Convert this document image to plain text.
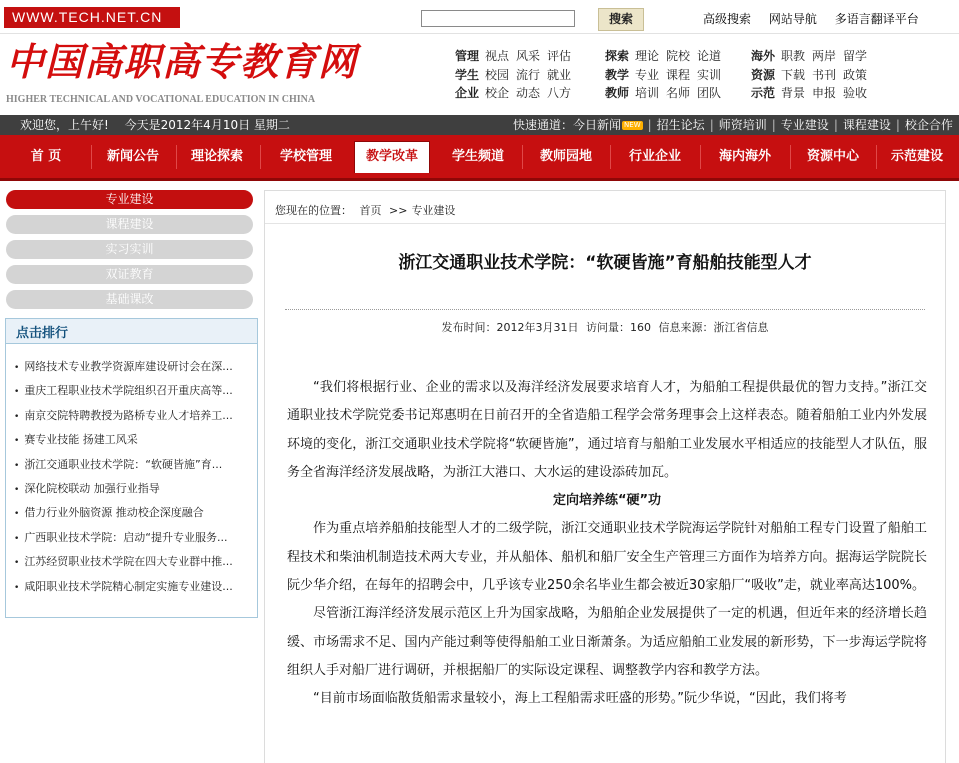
WWW.TECH.NET.CN	搜索	高级搜索 网站导航 多语言翻译平台
中国高职高专教育网
HIGHER TECHNICAL AND VOCATIONAL EDUCATION IN CHINA
管理 视点 风采 评估
学生 校园 流行 就业
企业 校企 动态 八方
探索 理论 院校 论道
教学 专业 课程 实训
教师 培训 名师 团队
海外 职教 两岸 留学
资源 下载 书刊 政策
示范 背景 申报 验收
欢迎您，上午好! 今天是2012年4月10日 星期二	快速通道：今日新闻 NEW | 招生论坛 | 师资培训 | 专业建设 | 课程建设 | 校企合作
首 页	新闻公告	理论探索	学校管理	教学改革	学生频道	教师园地	行业企业	海内海外	资源中心	示范建设
专业建设
课程建设
实习实训
双证教育
基础课改
点击排行
• 网络技术专业教学资源库建设研讨会在深...
• 重庆工程职业技术学院组织召开重庆高等...
• 南京交院特聘教授为路桥专业人才培养工...
• 赛专业技能 扬建工风采
• 浙江交通职业技术学院：“软硬皆施”育...
• 深化院校联动 加强行业指导
• 借力行业外脑资源 推动校企深度融合
• 广西职业技术学院：启动“提升专业服务...
• 江苏经贸职业技术学院在四大专业群中推...
• 咸阳职业技术学院精心制定实施专业建设...
您现在的位置： 首页 >> 专业建设
浙江交通职业技术学院：“软硬皆施”育船舶技能型人才
发布时间：2012年3月31日 访问量：160 信息来源：浙江省信息

“我们将根据行业、企业的需求以及海洋经济发展要求培育人才，为船舶工程提供最优的智力支持。”浙江交通职业技术学院党委书记郑惠明在日前召开的全省造船工程学会常务理事会上这样表态。随着船舶工业内外发展环境的变化，浙江交通职业技术学院将“软硬皆施”，通过培育与船舶工业发展水平相适应的技能型人才队伍，服务全省海洋经济发展战略，为浙江大港口、大水运的建设添砖加瓦。

定向培养练“硬”功

作为重点培养船舶技能型人才的二级学院，浙江交通职业技术学院海运学院针对船舶工程专门设置了船舶工程技术和柴油机制造技术两大专业，并从船体、船机和船厂安全生产管理三方面作为培养方向。据海运学院院长阮少华介绍，在每年的招聘会中，几乎该专业250余名毕业生都会被近30家船厂“吸收”走，就业率高达100%。

尽管浙江海洋经济发展示范区上升为国家战略，为船舶企业发展提供了一定的机遇，但近年来的经济增长趋缓、市场需求不足、国内产能过剩等使得船舶工业日渐萧条。为适应船舶工业发展的新形势，下一步海运学院将组织人手对船厂进行调研，并根据船厂的实际设定课程、调整教学内容和教学方法。

“目前市场面临散货船需求量较小，海上工程船需求旺盛的形势。”阮少华说，“因此，我们将考
